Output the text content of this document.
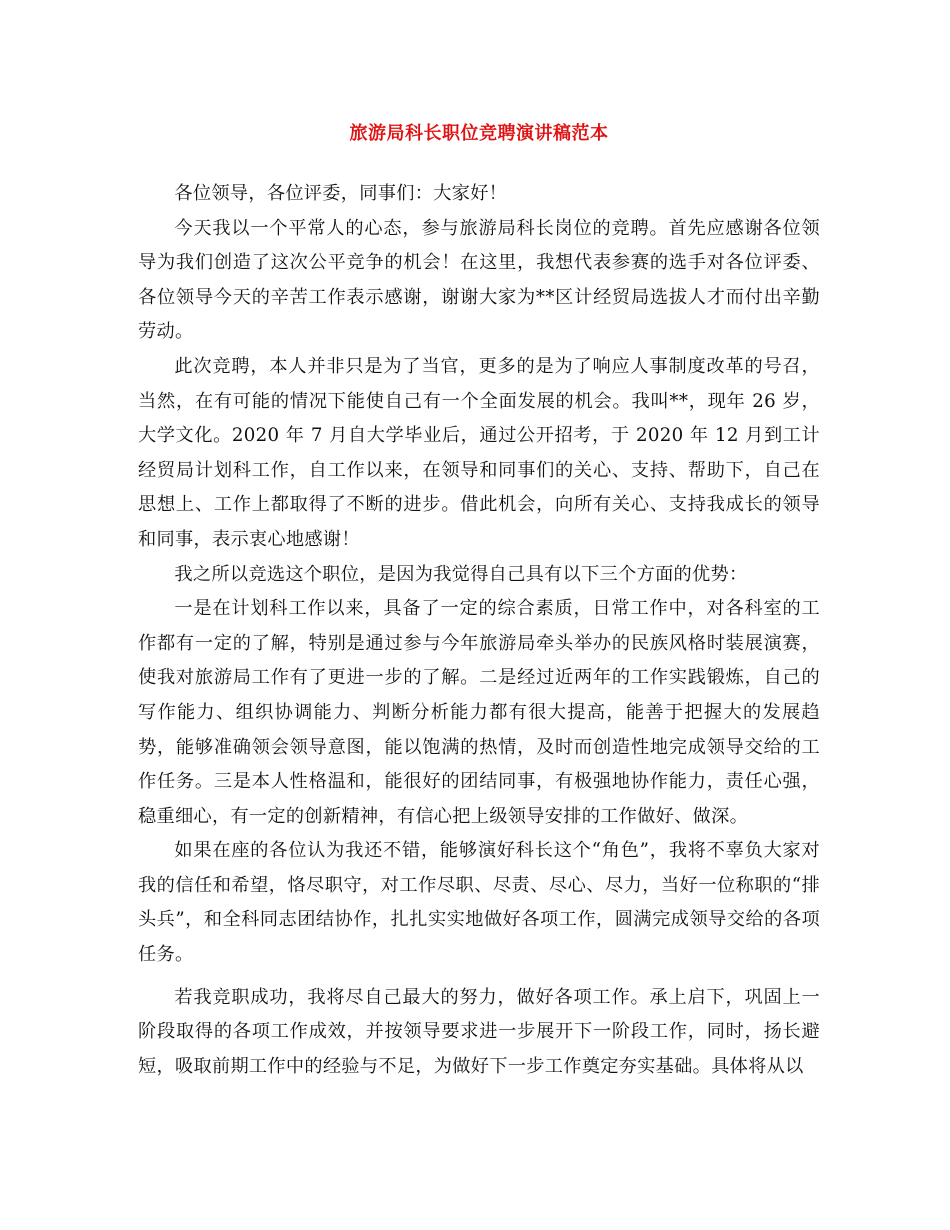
旅游局科长职位竞聘演讲稿范本

各位领导，各位评委，同事们：大家好！

今天我以一个平常人的心态，参与旅游局科长岗位的竞聘。首先应感谢各位领导为我们创造了这次公平竞争的机会！在这里，我想代表参赛的选手对各位评委、各位领导今天的辛苦工作表示感谢，谢谢大家为**区计经贸局选拔人才而付出辛勤劳动。

此次竞聘，本人并非只是为了当官，更多的是为了响应人事制度改革的号召，当然，在有可能的情况下能使自己有一个全面发展的机会。我叫**，现年 26 岁，大学文化。2020 年 7 月自大学毕业后，通过公开招考，于 2020 年 12 月到工计经贸局计划科工作，自工作以来，在领导和同事们的关心、支持、帮助下，自己在思想上、工作上都取得了不断的进步。借此机会，向所有关心、支持我成长的领导和同事，表示衷心地感谢！

我之所以竞选这个职位，是因为我觉得自己具有以下三个方面的优势：

一是在计划科工作以来，具备了一定的综合素质，日常工作中，对各科室的工作都有一定的了解，特别是通过参与今年旅游局牵头举办的民族风格时装展演赛，使我对旅游局工作有了更进一步的了解。二是经过近两年的工作实践锻炼，自己的写作能力、组织协调能力、判断分析能力都有很大提高，能善于把握大的发展趋势，能够准确领会领导意图，能以饱满的热情，及时而创造性地完成领导交给的工作任务。三是本人性格温和，能很好的团结同事，有极强地协作能力，责任心强，稳重细心，有一定的创新精神，有信心把上级领导安排的工作做好、做深。

如果在座的各位认为我还不错，能够演好科长这个“角色”，我将不辜负大家对我的信任和希望，恪尽职守，对工作尽职、尽责、尽心、尽力，当好一位称职的“排头兵”，和全科同志团结协作，扎扎实实地做好各项工作，圆满完成领导交给的各项任务。

若我竞职成功，我将尽自己最大的努力，做好各项工作。承上启下，巩固上一阶段取得的各项工作成效，并按领导要求进一步展开下一阶段工作，同时，扬长避短，吸取前期工作中的经验与不足，为做好下一步工作奠定夯实基础。具体将从以
